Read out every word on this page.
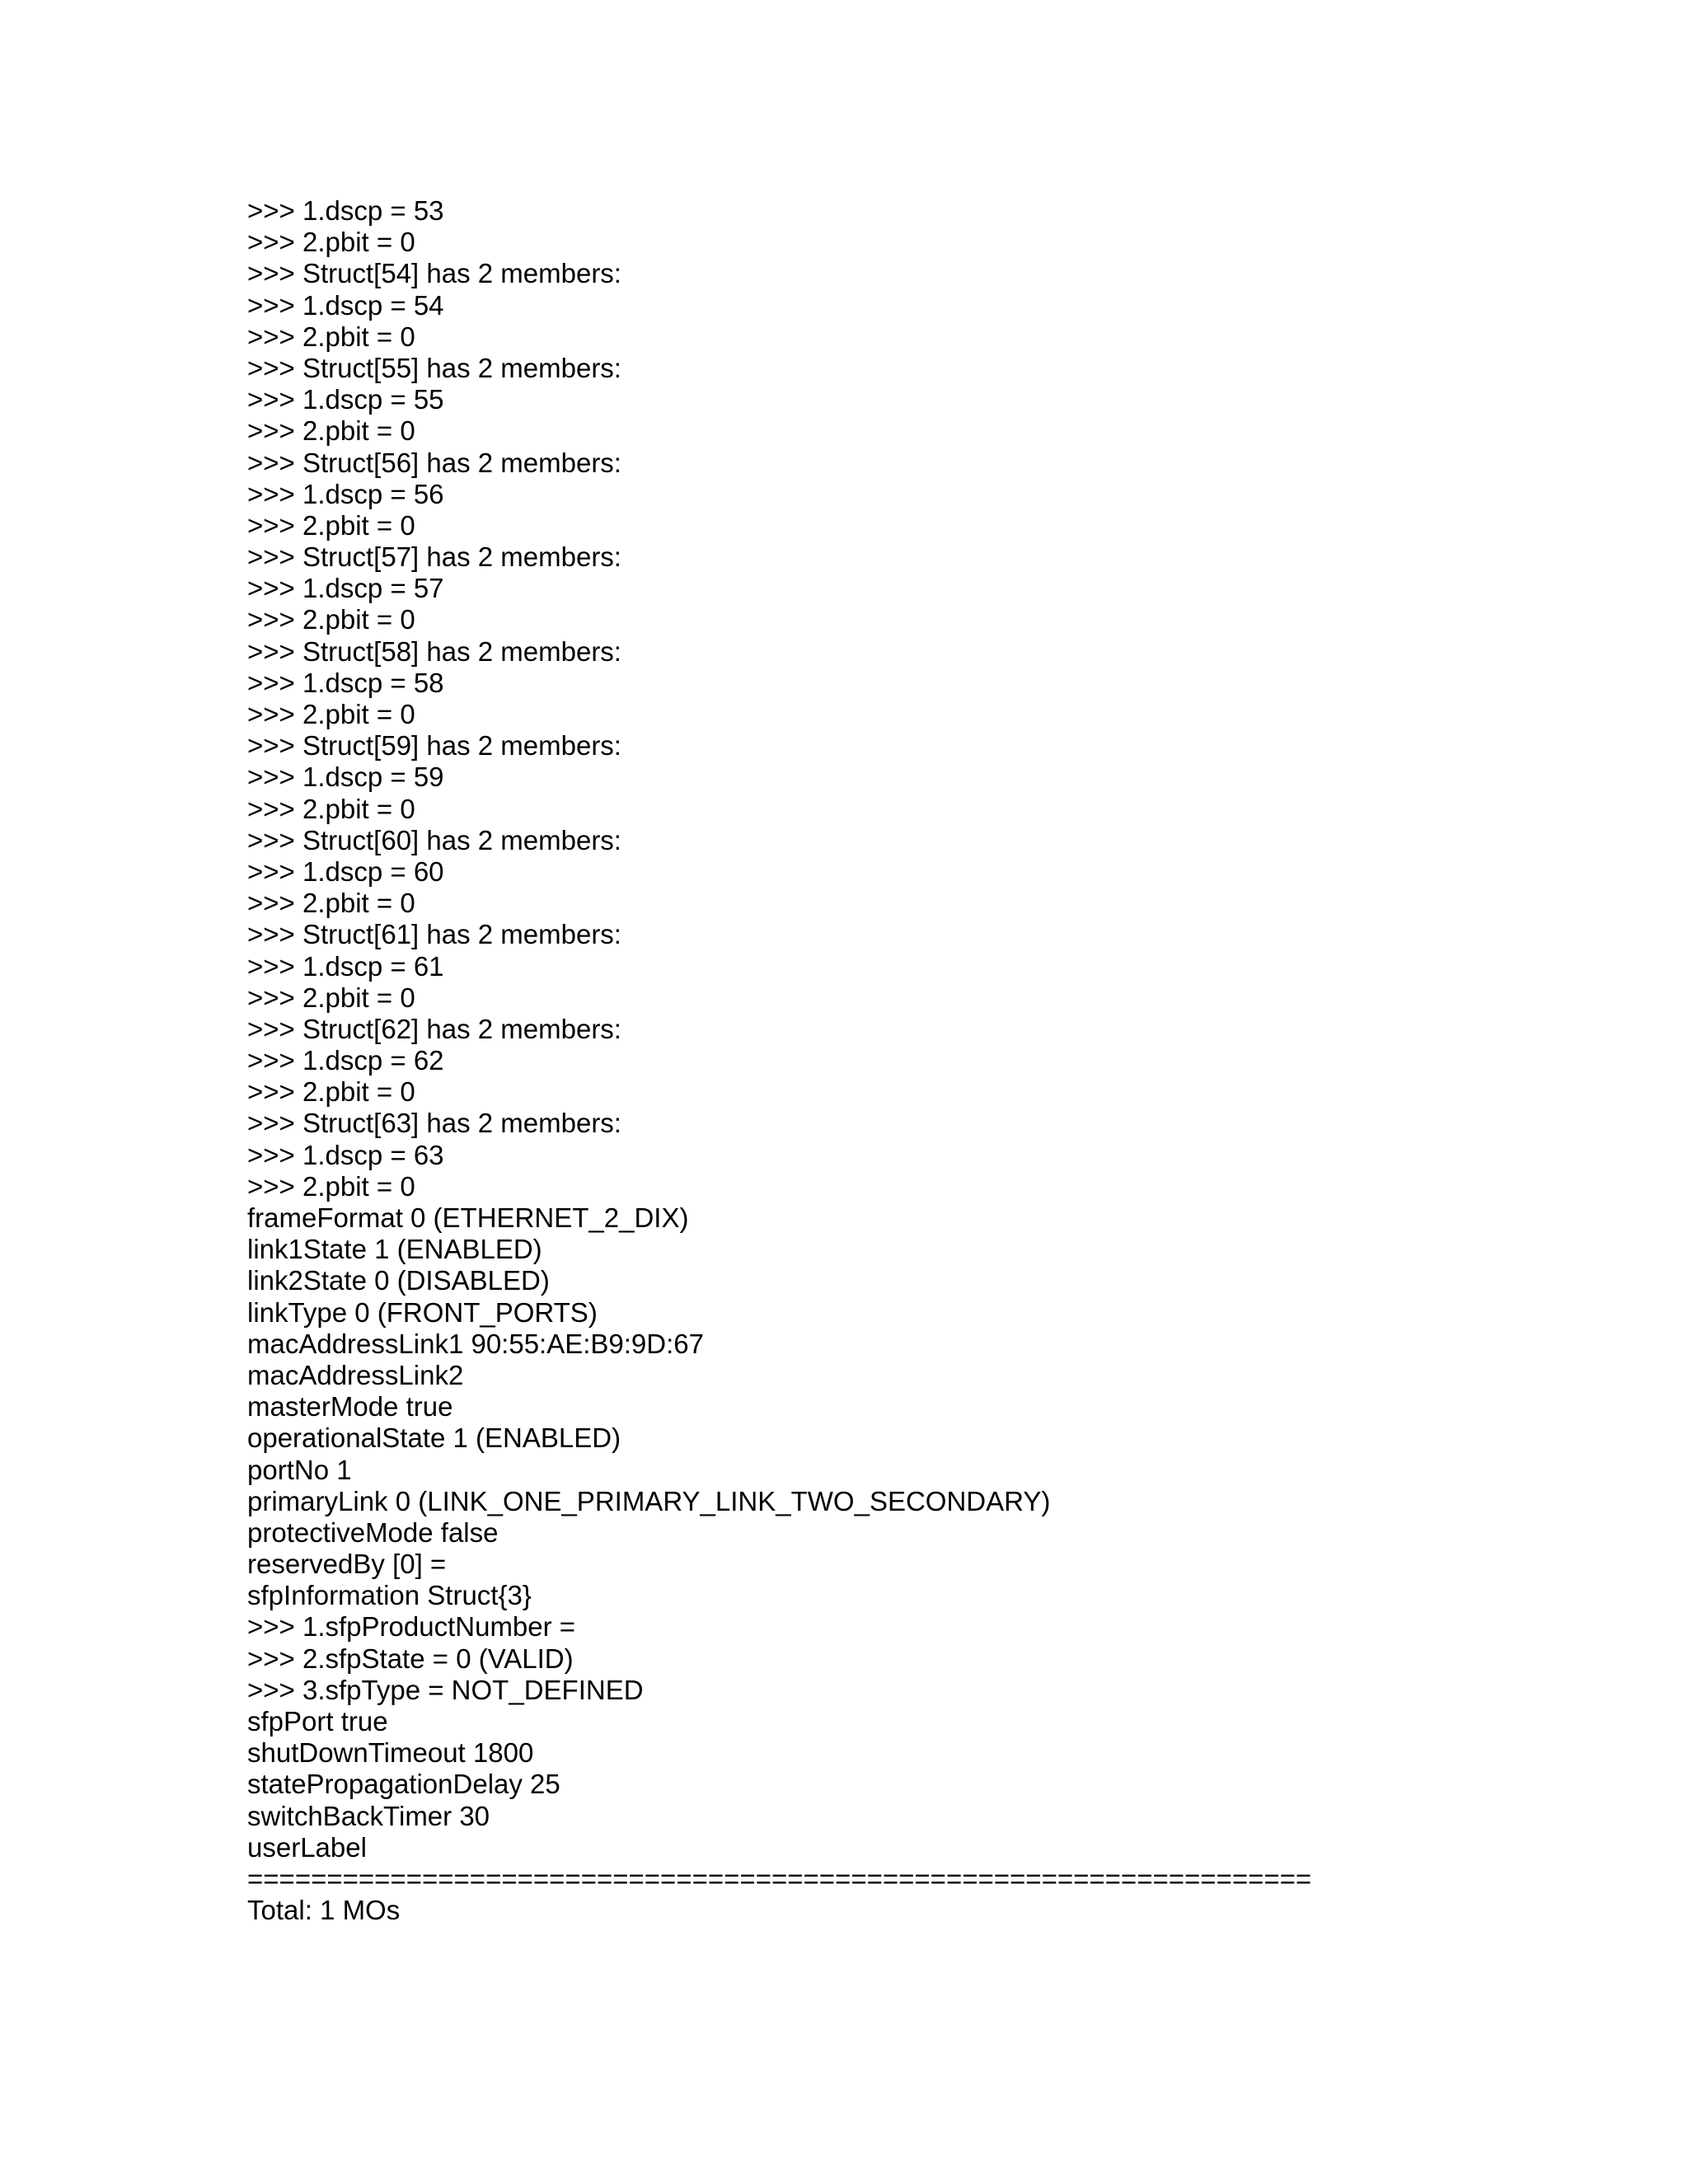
>>> 1.dscp = 53
>>> 2.pbit = 0
>>> Struct[54] has 2 members:
>>> 1.dscp = 54
>>> 2.pbit = 0
>>> Struct[55] has 2 members:
>>> 1.dscp = 55
>>> 2.pbit = 0
>>> Struct[56] has 2 members:
>>> 1.dscp = 56
>>> 2.pbit = 0
>>> Struct[57] has 2 members:
>>> 1.dscp = 57
>>> 2.pbit = 0
>>> Struct[58] has 2 members:
>>> 1.dscp = 58
>>> 2.pbit = 0
>>> Struct[59] has 2 members:
>>> 1.dscp = 59
>>> 2.pbit = 0
>>> Struct[60] has 2 members:
>>> 1.dscp = 60
>>> 2.pbit = 0
>>> Struct[61] has 2 members:
>>> 1.dscp = 61
>>> 2.pbit = 0
>>> Struct[62] has 2 members:
>>> 1.dscp = 62
>>> 2.pbit = 0
>>> Struct[63] has 2 members:
>>> 1.dscp = 63
>>> 2.pbit = 0
frameFormat 0 (ETHERNET_2_DIX)
link1State 1 (ENABLED)
link2State 0 (DISABLED)
linkType 0 (FRONT_PORTS)
macAddressLink1 90:55:AE:B9:9D:67
macAddressLink2
masterMode true
operationalState 1 (ENABLED)
portNo 1
primaryLink 0 (LINK_ONE_PRIMARY_LINK_TWO_SECONDARY)
protectiveMode false
reservedBy [0] =
sfpInformation Struct{3}
>>> 1.sfpProductNumber =
>>> 2.sfpState = 0 (VALID)
>>> 3.sfpType = NOT_DEFINED
sfpPort true
shutDownTimeout 1800
statePropagationDelay 25
switchBackTimer 30
userLabel
===================================================================
Total: 1 MOs
